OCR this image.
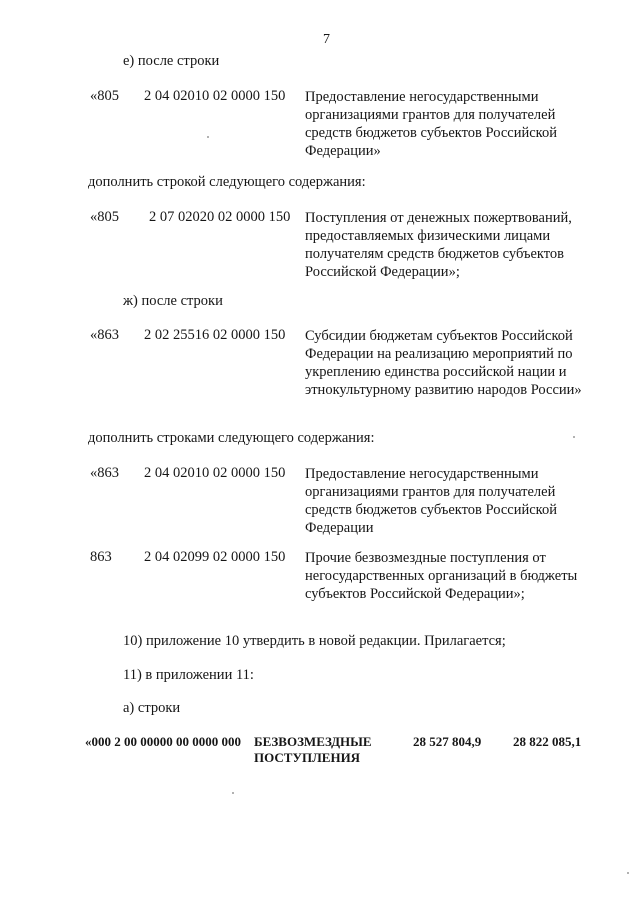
7
е) после строки
«805 2 04 02010 02 0000 150 Предоставление негосударственными организациями грантов для получателей средств бюджетов субъектов Российской Федерации»
дополнить строкой следующего содержания:
«805 2 07 02020 02 0000 150 Поступления от денежных пожертвований, предоставляемых физическими лицами получателям средств бюджетов субъектов Российской Федерации»;
ж) после строки
«863 2 02 25516 02 0000 150 Субсидии бюджетам субъектов Российской Федерации на реализацию мероприятий по укреплению единства российской нации и этнокультурному развитию народов России»
дополнить строками следующего содержания:
«863 2 04 02010 02 0000 150 Предоставление негосударственными организациями грантов для получателей средств бюджетов субъектов Российской Федерации
863 2 04 02099 02 0000 150 Прочие безвозмездные поступления от негосударственных организаций в бюджеты субъектов Российской Федерации»;
10) приложение 10 утвердить в новой редакции. Прилагается;
11) в приложении 11:
а) строки
«000 2 00 00000 00 0000 000 БЕЗВОЗМЕЗДНЫЕ ПОСТУПЛЕНИЯ
28 527 804,9 28 822 085,1
